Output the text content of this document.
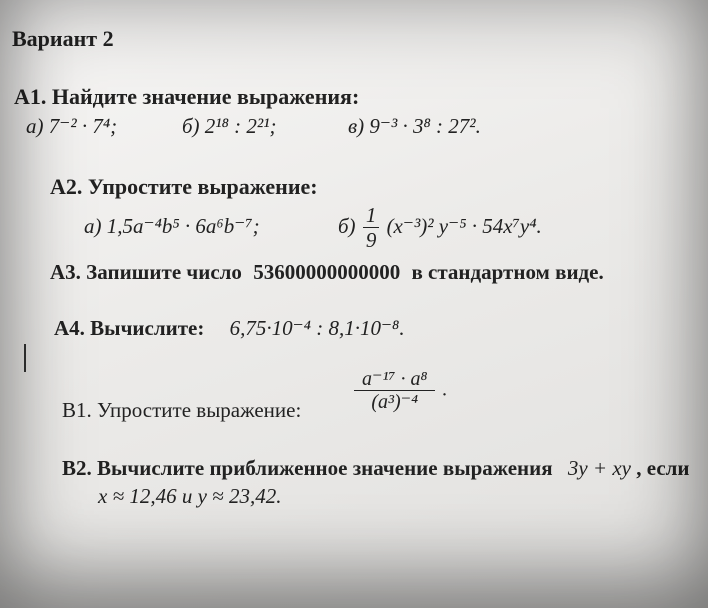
Вариант 2
А1. Найдите значение выражения:
а) 7⁻² · 7⁴;	б) 2¹⁸ : 2²¹;	в) 9⁻³ · 3⁸ : 27².
А2. Упростите выражение:
а) 1,5a⁻⁴b⁵ · 6a⁶b⁻⁷;	$б) \frac{1}{9} (x^{-3})^2$ y⁻⁵ · 54x⁷y⁴.
А3. Запишите число 53600000000000 в стандартном виде.
А4. Вычислите: 6,75·10⁻⁴ : 8,1·10⁻⁸.
В1. Упростите выражение:	$\frac{\text{a⁻¹⁷ · a⁸}}{\text{(a³)⁻⁴}}$ .
В2. Вычислите приближенное значение выражения 3y + xy , если
x ≈ 12,46 и y ≈ 23,42.
